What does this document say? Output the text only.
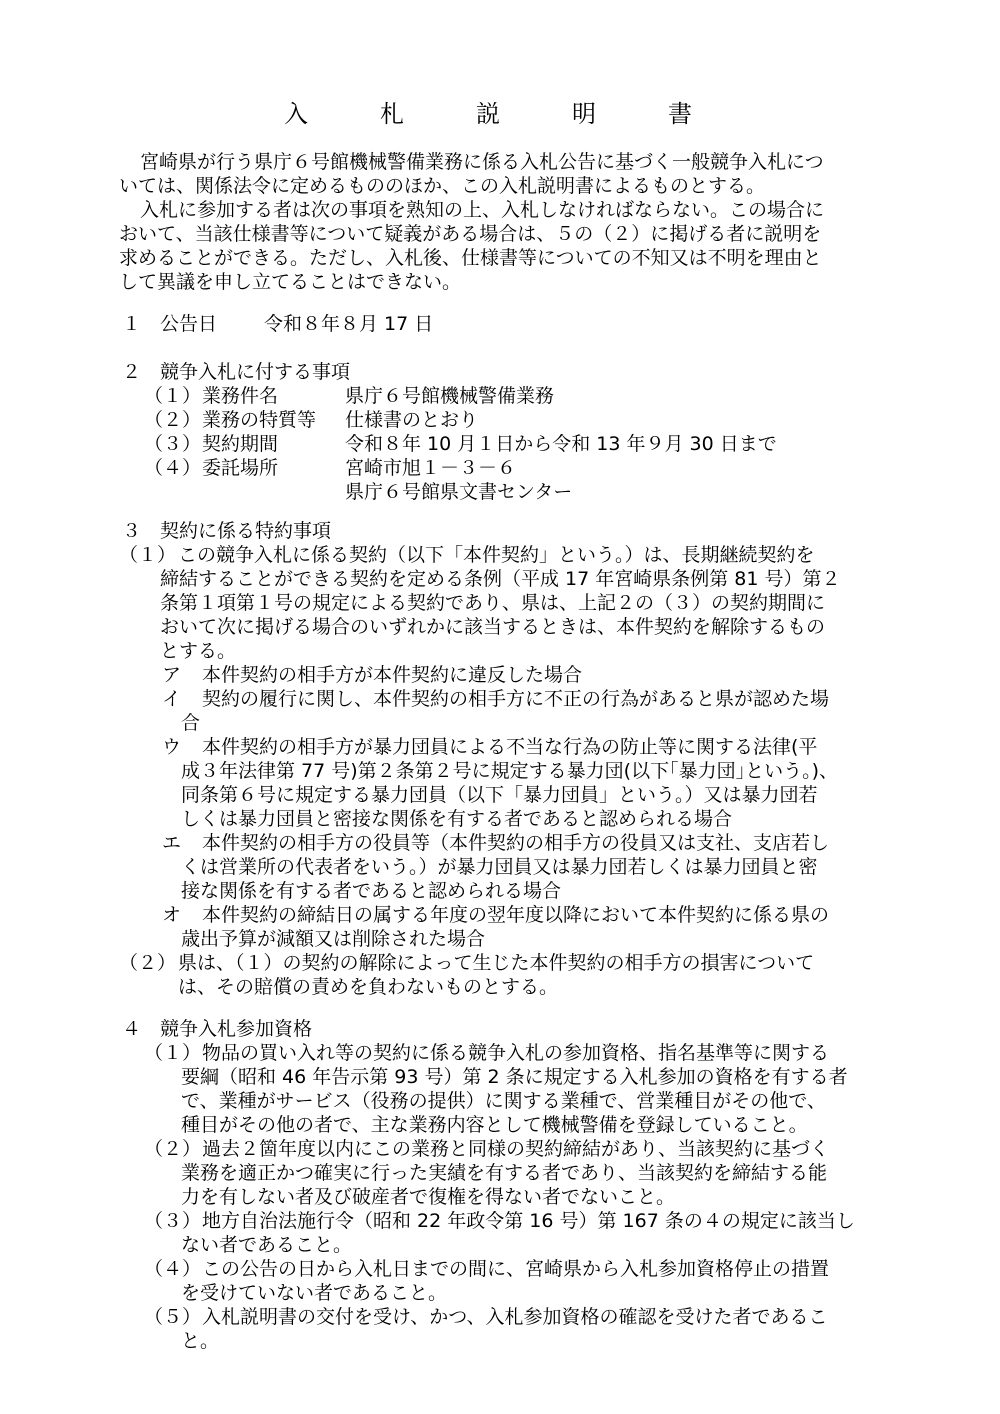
入　札　説　明　書
宮崎県が行う県庁６号館機械警備業務に係る入札公告に基づく一般競争入札につ
いては、関係法令に定めるもののほか、この入札説明書によるものとする。
入札に参加する者は次の事項を熟知の上、入札しなければならない。この場合に
おいて、当該仕様書等について疑義がある場合は、５の（２）に掲げる者に説明を
求めることができる。ただし、入札後、仕様書等についての不知又は不明を理由と
して異議を申し立てることはできない。
１ 公告日 令和８年８月 17 日
２ 競争入札に付する事項
（１） 業務件名	県庁６号館機械警備業務
（２） 業務の特質等 仕様書のとおり
（３） 契約期間	令和８年 10 月１日から令和 13 年９月 30 日まで
（４） 委託場所	宮崎市旭１－３－６
県庁６号館県文書センター
３ 契約に係る特約事項
（１） この競争入札に係る契約（以下「本件契約」という。）は、長期継続契約を
締結することができる契約を定める条例（平成 17 年宮崎県条例第 81 号）第２
条第１項第１号の規定による契約であり、県は、上記２の（３）の契約期間に
おいて次に掲げる場合のいずれかに該当するときは、本件契約を解除するもの
とする。
ア 本件契約の相手方が本件契約に違反した場合
イ 契約の履行に関し、本件契約の相手方に不正の行為があると県が認めた場
合
ウ 本件契約の相手方が暴力団員による不当な行為の防止等に関する法律(平
成３年法律第 77 号)第２条第２号に規定する暴力団(以下｢暴力団｣という。)、
同条第６号に規定する暴力団員（以下「暴力団員」という。）又は暴力団若
しくは暴力団員と密接な関係を有する者であると認められる場合
エ 本件契約の相手方の役員等（本件契約の相手方の役員又は支社、支店若し
くは営業所の代表者をいう。）が暴力団員又は暴力団若しくは暴力団員と密
接な関係を有する者であると認められる場合
オ 本件契約の締結日の属する年度の翌年度以降において本件契約に係る県の
歳出予算が減額又は削除された場合
（２） 県は、（１）の契約の解除によって生じた本件契約の相手方の損害について
は、その賠償の責めを負わないものとする。
４ 競争入札参加資格
（１） 物品の買い入れ等の契約に係る競争入札の参加資格、指名基準等に関する
要綱（昭和 46 年告示第 93 号）第 2 条に規定する入札参加の資格を有する者
で、業種がサービス（役務の提供）に関する業種で、営業種目がその他で、
種目がその他の者で、主な業務内容として機械警備を登録していること。
（２） 過去２箇年度以内にこの業務と同様の契約締結があり、当該契約に基づく
業務を適正かつ確実に行った実績を有する者であり、当該契約を締結する能
力を有しない者及び破産者で復権を得ない者でないこと。
（３） 地方自治法施行令（昭和 22 年政令第 16 号）第 167 条の４の規定に該当し
ない者であること。
（４） この公告の日から入札日までの間に、宮崎県から入札参加資格停止の措置
を受けていない者であること。
（５） 入札説明書の交付を受け、かつ、入札参加資格の確認を受けた者であるこ
と。
